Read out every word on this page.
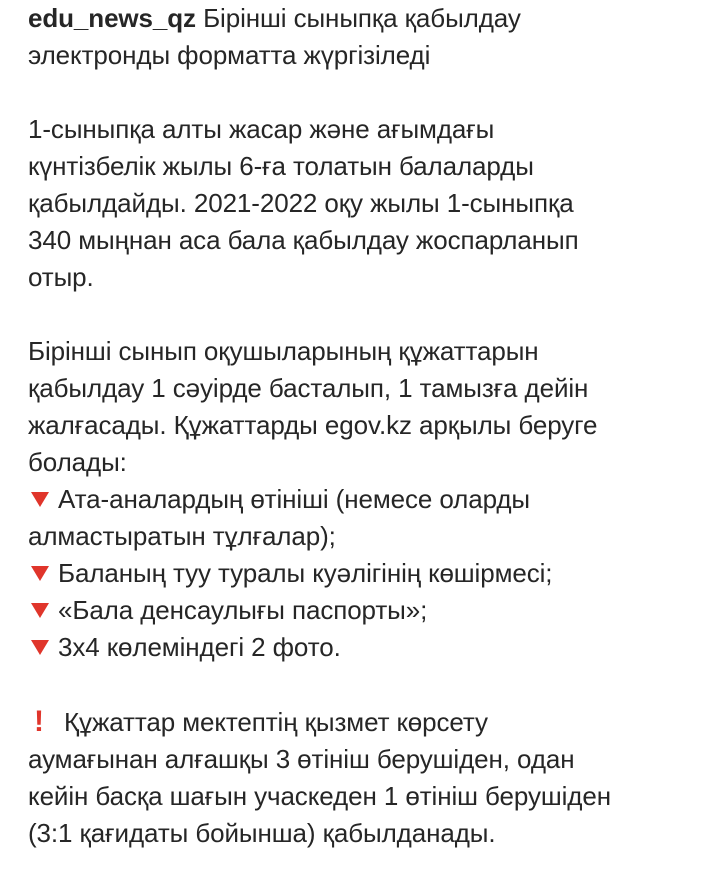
edu_news_qz Бірінші сыныпқа қабылдау
электронды форматта жүргізіледі
1-сыныпқа алты жасар және ағымдағы
күнтізбелік жылы 6-ға толатын балаларды
қабылдайды. 2021-2022 оқу жылы 1-сыныпқа
340 мыңнан аса бала қабылдау жоспарланып
отыр.
Бірінші сынып оқушыларының құжаттарын
қабылдау 1 сәуірде басталып, 1 тамызға дейін
жалғасады. Құжаттарды egov.kz арқылы беруге
болады:
Ата-аналардың өтініші (немесе оларды
алмастыратын тұлғалар);
Баланың туу туралы куәлігінің көшірмесі;
«Бала денсаулығы паспорты»;
3х4 көлеміндегі 2 фото.
! Құжаттар мектептің қызмет көрсету
аумағынан алғашқы 3 өтініш берушіден, одан
кейін басқа шағын учаскеден 1 өтініш берушіден
(3:1 қағидаты бойынша) қабылданады.
